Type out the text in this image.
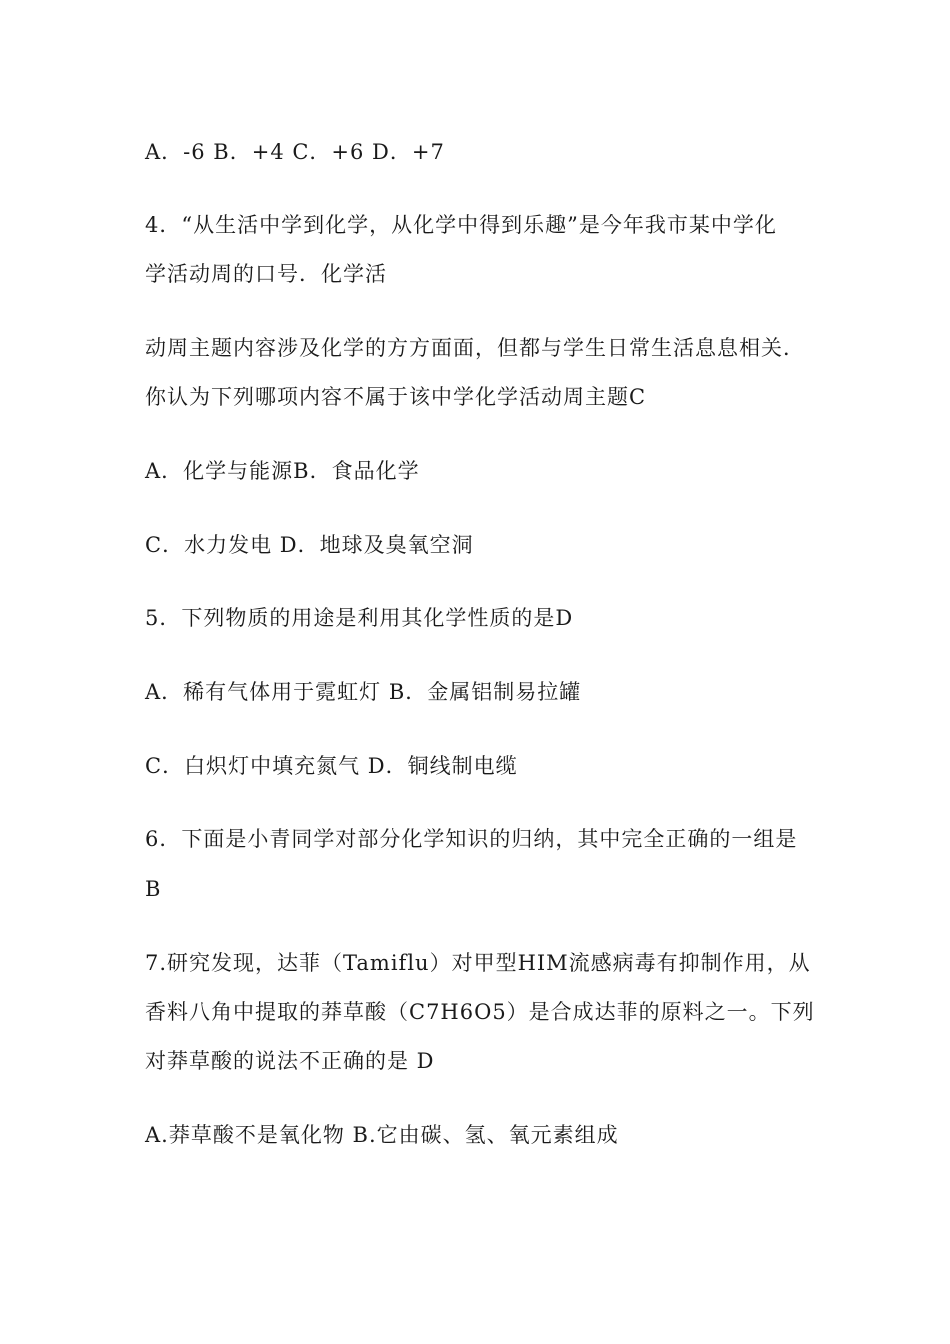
A．-6 B．+4 C．+6 D．+7
4．“从生活中学到化学，从化学中得到乐趣”是今年我市某中学化
学活动周的口号．化学活
动周主题内容涉及化学的方方面面，但都与学生日常生活息息相关．
你认为下列哪项内容不属于该中学化学活动周主题C
A．化学与能源B．食品化学
C．水力发电 D．地球及臭氧空洞
5．下列物质的用途是利用其化学性质的是D
A．稀有气体用于霓虹灯 B．金属铝制易拉罐
C．白炽灯中填充氮气 D．铜线制电缆
6．下面是小青同学对部分化学知识的归纳，其中完全正确的一组是
B
7.研究发现，达菲（Tamiflu）对甲型HIM流感病毒有抑制作用，从
香料八角中提取的莽草酸（C7H6O5）是合成达菲的原料之一。下列
对莽草酸的说法不正确的是 D
A.莽草酸不是氧化物 B.它由碳、氢、氧元素组成
